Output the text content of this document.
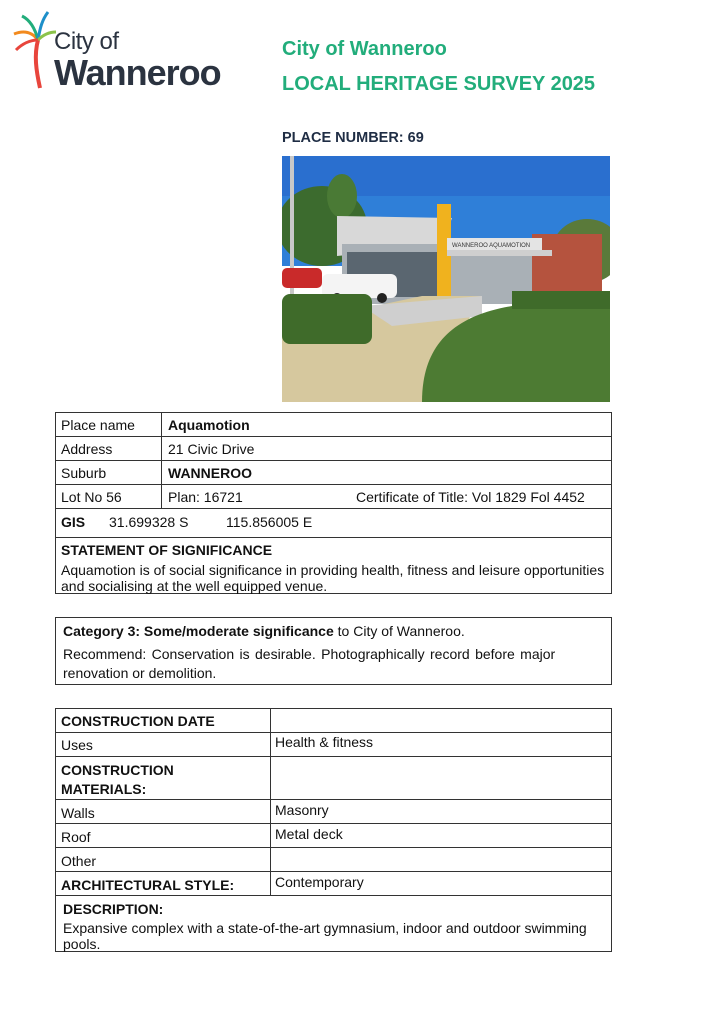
City of
Wanneroo
City of Wanneroo
LOCAL HERITAGE SURVEY 2025
PLACE NUMBER: 69
WANNEROO AQUAMOTION
Place name Aquamotion
Address	21 Civic Drive
Suburb	WANNEROO
Lot No 56	Plan: 16721	Certificate of Title: Vol 1829 Fol 4452
GIS 31.699328 S	115.856005 E
STATEMENT OF SIGNIFICANCE
Aquamotion is of social significance in providing health, fitness and leisure opportunities
and socialising at the well equipped venue.
Category 3: Some/moderate significance to City of Wanneroo.
Recommend: Conservation is desirable. Photographically record before major
renovation or demolition.
CONSTRUCTION DATE
Uses	Health & fitness
CONSTRUCTION
MATERIALS:
Walls	Masonry
Roof	Metal deck
Other
ARCHITECTURAL STYLE:	Contemporary
DESCRIPTION:
Expansive complex with a state-of-the-art gymnasium, indoor and outdoor swimming
pools.
